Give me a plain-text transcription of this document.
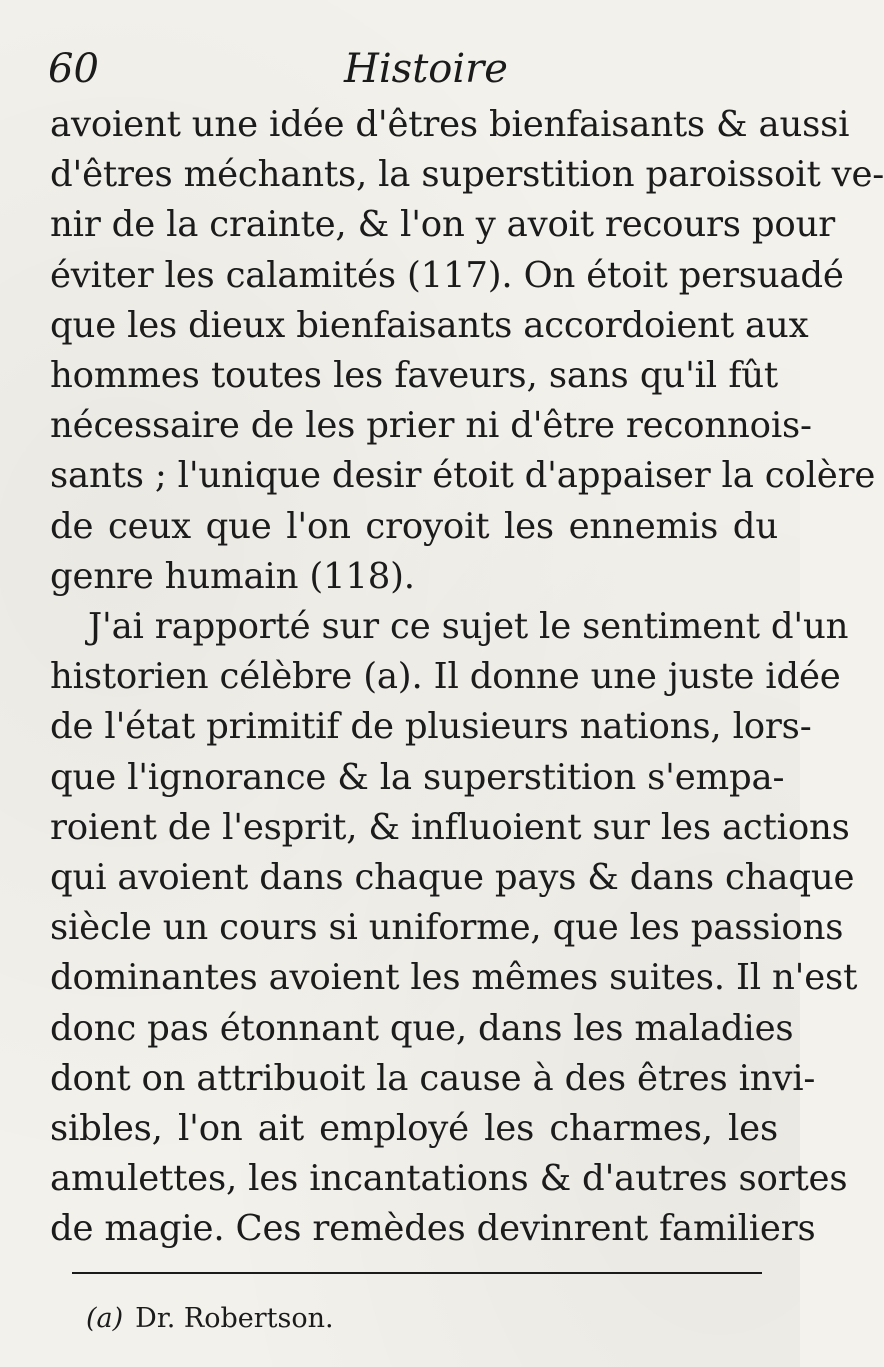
60	Histoire
avoient une idée d'êtres bienfaisants & aussi
d'êtres méchants, la superstition paroissoit ve-
nir de la crainte, & l'on y avoit recours pour
éviter les calamités (117). On étoit persuadé
que les dieux bienfaisants accordoient aux
hommes toutes les faveurs, sans qu'il fût
nécessaire de les prier ni d'être reconnois-
sants ; l'unique desir étoit d'appaiser la colère
de ceux que l'on croyoit les ennemis du
genre humain (118).
J'ai rapporté sur ce sujet le sentiment d'un
historien célèbre (a). Il donne une juste idée
de l'état primitif de plusieurs nations, lors-
que l'ignorance & la superstition s'empa-
roient de l'esprit, & influoient sur les actions
qui avoient dans chaque pays & dans chaque
siècle un cours si uniforme, que les passions
dominantes avoient les mêmes suites. Il n'est
donc pas étonnant que, dans les maladies
dont on attribuoit la cause à des êtres invi-
sibles, l'on ait employé les charmes, les
amulettes, les incantations & d'autres sortes
de magie. Ces remèdes devinrent familiers
(a) Dr. Robertson.
